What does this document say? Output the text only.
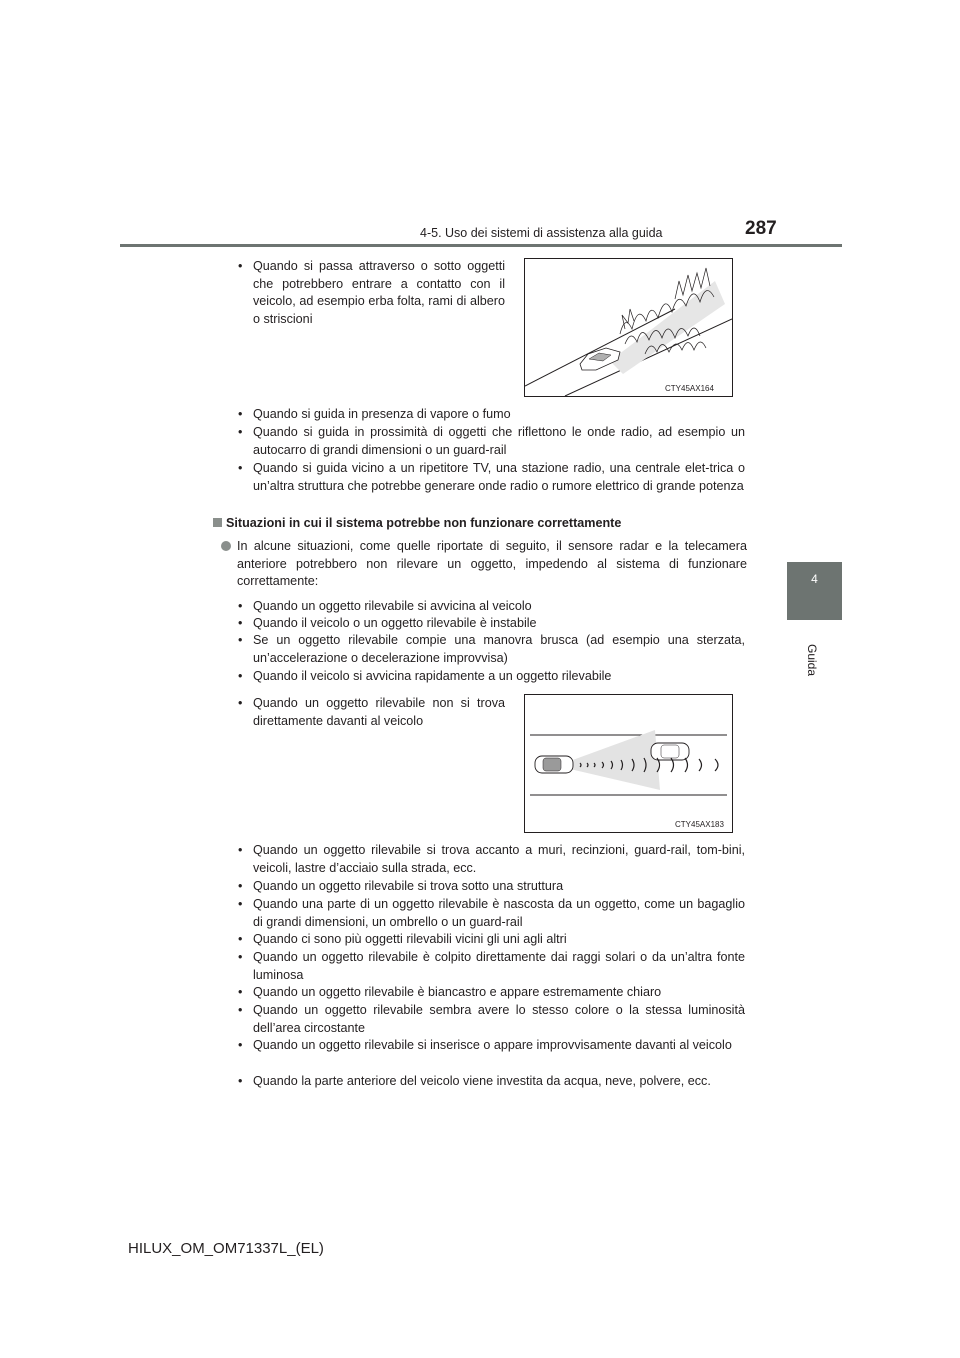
4-5. Uso dei sistemi di assistenza alla guida	287
4
Guida
• Quando si passa attraverso o sotto oggetti che potrebbero entrare a contatto con il veicolo, ad esempio erba folta, rami di albero o striscioni
CTY45AX164
• Quando si guida in presenza di vapore o fumo
• Quando si guida in prossimità di oggetti che riflettono le onde radio, ad esempio un autocarro di grandi dimensioni o un guard-rail
• Quando si guida vicino a un ripetitore TV, una stazione radio, una centrale elet-trica o un’altra struttura che potrebbe generare onde radio o rumore elettrico di grande potenza
Situazioni in cui il sistema potrebbe non funzionare correttamente
In alcune situazioni, come quelle riportate di seguito, il sensore radar e la telecamera anteriore potrebbero non rilevare un oggetto, impedendo al sistema di funzionare correttamente:
• Quando un oggetto rilevabile si avvicina al veicolo
• Quando il veicolo o un oggetto rilevabile è instabile
• Se un oggetto rilevabile compie una manovra brusca (ad esempio una sterzata, un’accelerazione o decelerazione improvvisa)
• Quando il veicolo si avvicina rapidamente a un oggetto rilevabile
• Quando un oggetto rilevabile non si trova direttamente davanti al veicolo
CTY45AX183
• Quando un oggetto rilevabile si trova accanto a muri, recinzioni, guard-rail, tom-bini, veicoli, lastre d’acciaio sulla strada, ecc.
• Quando un oggetto rilevabile si trova sotto una struttura
• Quando una parte di un oggetto rilevabile è nascosta da un oggetto, come un bagaglio di grandi dimensioni, un ombrello o un guard-rail
• Quando ci sono più oggetti rilevabili vicini gli uni agli altri
• Quando un oggetto rilevabile è colpito direttamente dai raggi solari o da un’altra fonte luminosa
• Quando un oggetto rilevabile è biancastro e appare estremamente chiaro
• Quando un oggetto rilevabile sembra avere lo stesso colore o la stessa luminosità dell’area circostante
• Quando un oggetto rilevabile si inserisce o appare improvvisamente davanti al veicolo
• Quando la parte anteriore del veicolo viene investita da acqua, neve, polvere, ecc.
HILUX_OM_OM71337L_(EL)
